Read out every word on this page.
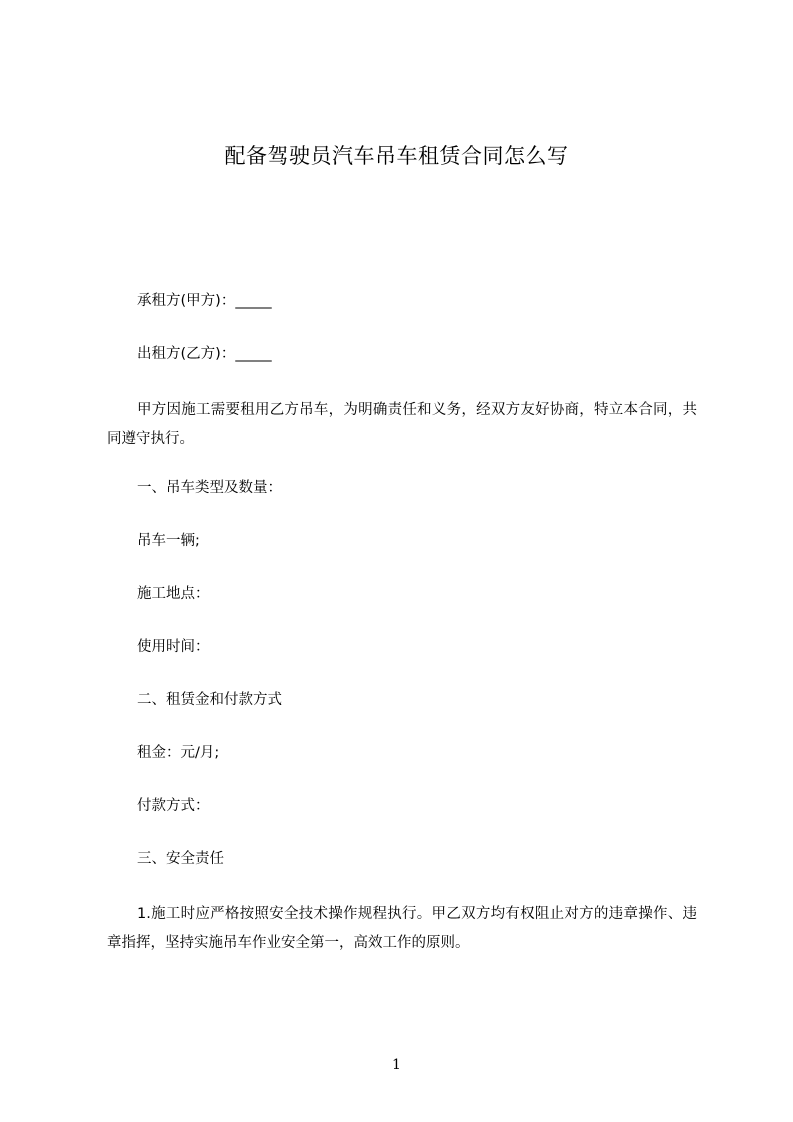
配备驾驶员汽车吊车租赁合同怎么写
承租方(甲方)：_____
出租方(乙方)：_____
甲方因施工需要租用乙方吊车，为明确责任和义务，经双方友好协商，特立本合同，共同遵守执行。
一、吊车类型及数量：
吊车一辆;
施工地点：
使用时间：
二、租赁金和付款方式
租金：元/月;
付款方式：
三、安全责任
1.施工时应严格按照安全技术操作规程执行。甲乙双方均有权阻止对方的违章操作、违章指挥，坚持实施吊车作业安全第一，高效工作的原则。
1
